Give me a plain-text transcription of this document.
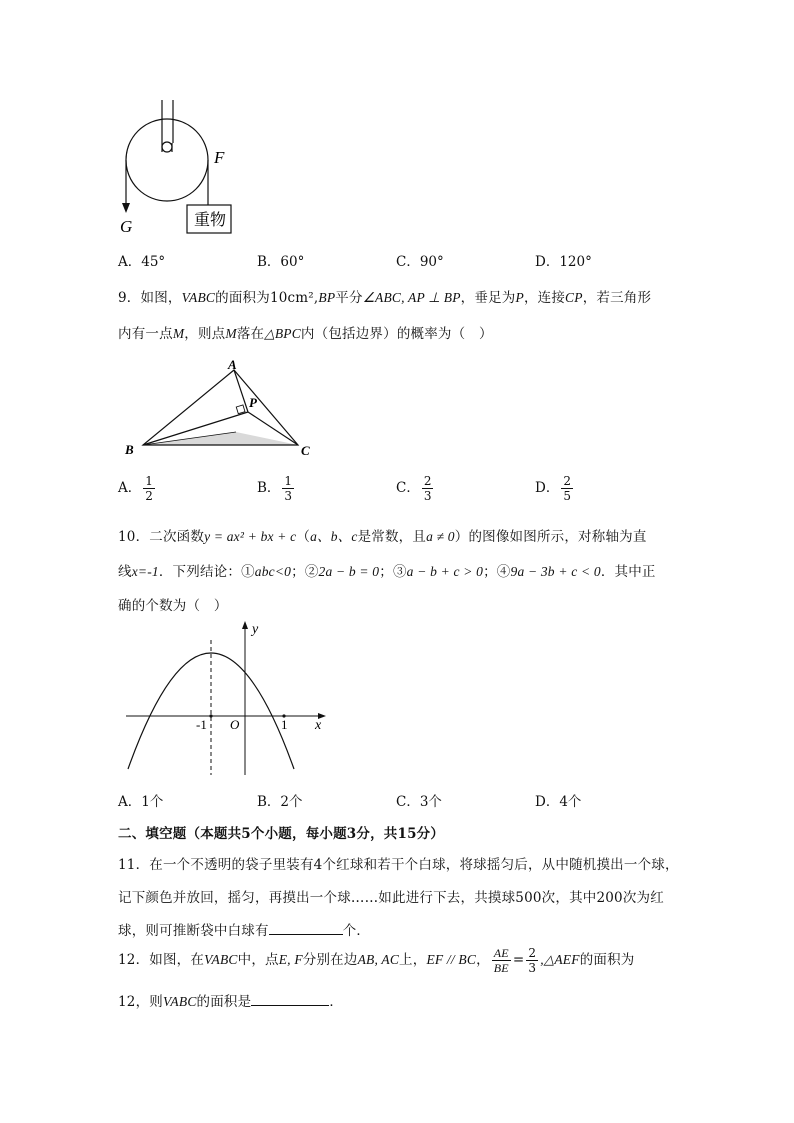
重物
F
G
A．45°	B．60°	C．90°	D．120°
9．如图，VABC的面积为10cm²,BP平分∠ABC, AP ⊥ BP，垂足为P，连接CP，若三角形
内有一点M，则点M落在△BPC内（包括边界）的概率为（　）
A
B	C
P
A． $\frac{1}{2}$	B． $\frac{1}{3}$	C． $\frac{2}{3}$	D． $\frac{2}{5}$
10．二次函数y = ax² + bx + c（a、b、c是常数，且a ≠ 0）的图像如图所示，对称轴为直
线x=-1．下列结论：①abc<0；②2a − b = 0；③a − b + c > 0；④9a − 3b + c < 0．其中正
确的个数为（　）
y
x
O
-1	1
A．1个	B．2个	C．3个	D．4个
二、填空题（本题共5个小题，每小题3分，共15分）
11．在一个不透明的袋子里装有4个红球和若干个白球，将球摇匀后，从中随机摸出一个球，
记下颜色并放回，摇匀，再摸出一个球……如此进行下去，共摸球500次，其中200次为红
球，则可推断袋中白球有	个．
12．如图，在VABC中，点E, F分别在边AB, AC上，EF // BC， $\frac{AE}{BE} = \frac{2}{3}$ ,△AEF的面积为
12，则VABC的面积是	．
